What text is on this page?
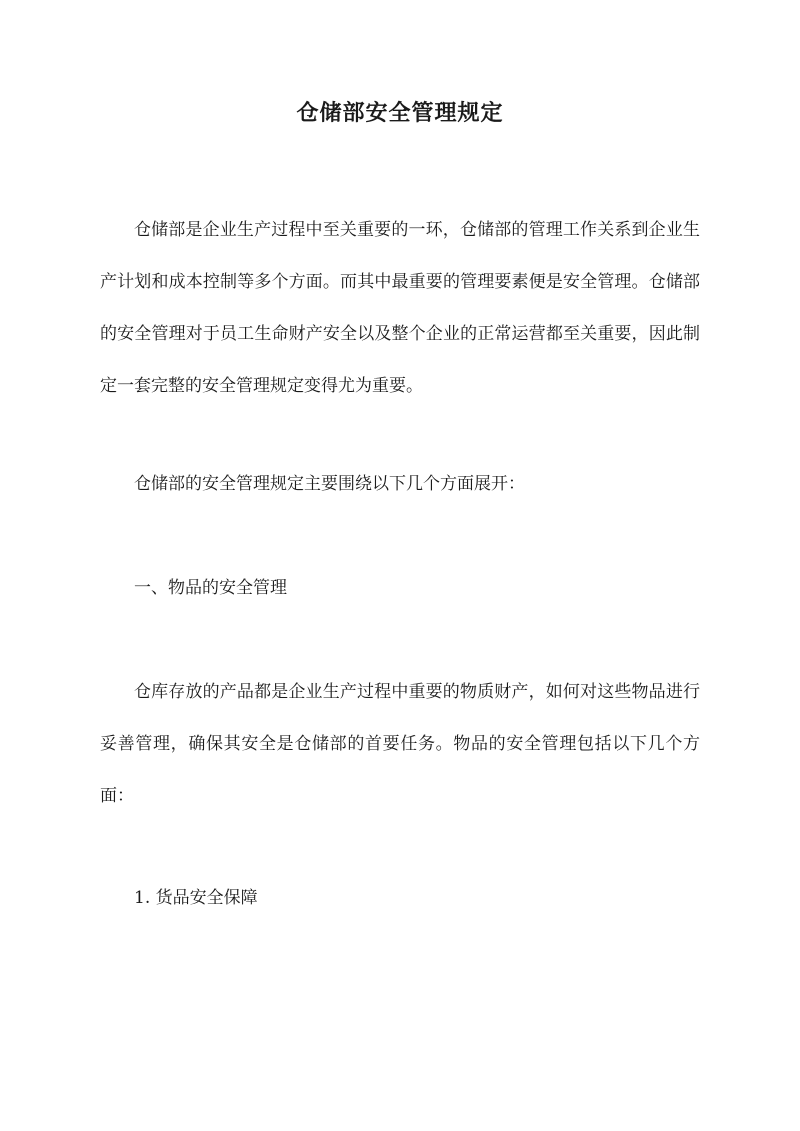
仓储部安全管理规定

仓储部是企业生产过程中至关重要的一环，仓储部的管理工作关系到企业生产计划和成本控制等多个方面。而其中最重要的管理要素便是安全管理。仓储部的安全管理对于员工生命财产安全以及整个企业的正常运营都至关重要，因此制定一套完整的安全管理规定变得尤为重要。

仓储部的安全管理规定主要围绕以下几个方面展开：

一、物品的安全管理

仓库存放的产品都是企业生产过程中重要的物质财产，如何对这些物品进行妥善管理，确保其安全是仓储部的首要任务。物品的安全管理包括以下几个方面：

1. 货品安全保障
